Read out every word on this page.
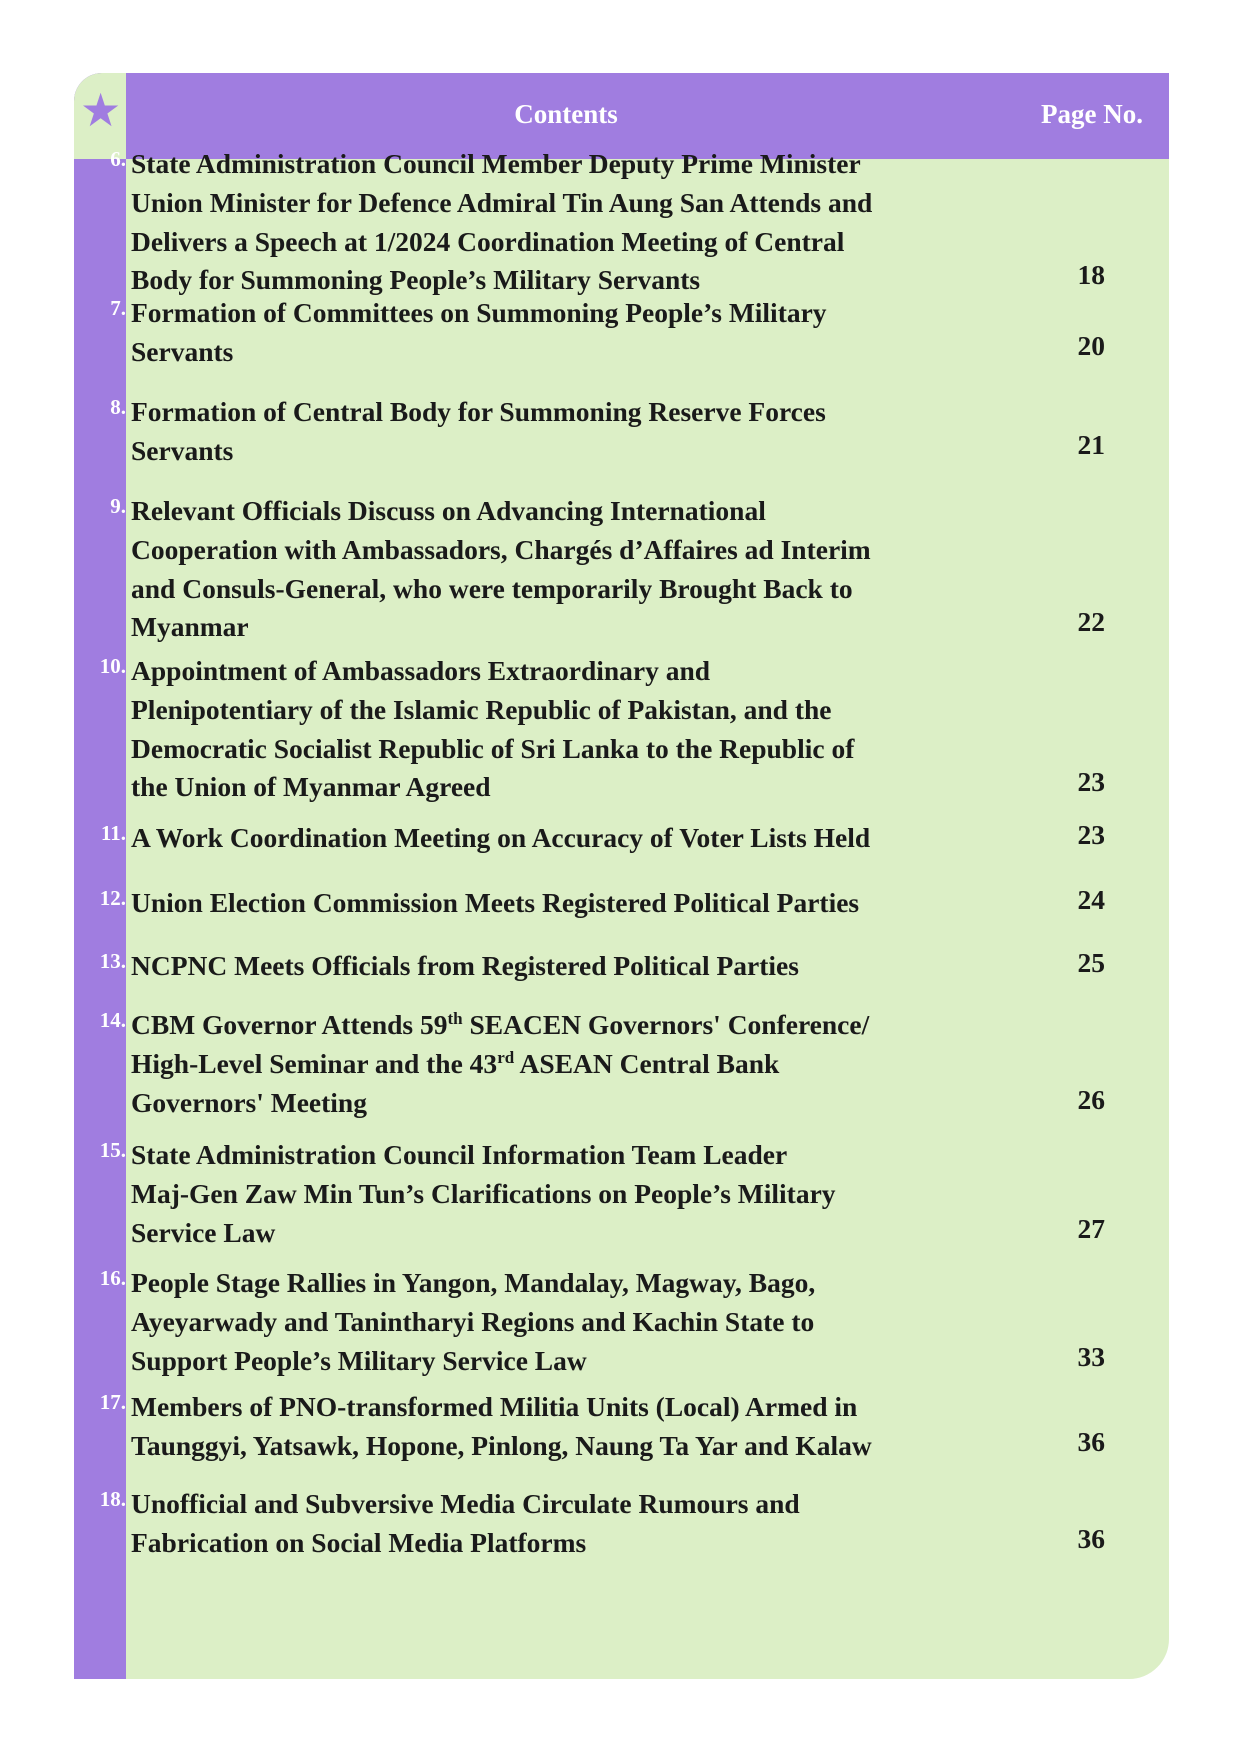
★	Contents	Page No.
6. State Administration Council Member Deputy Prime Minister
Union Minister for Defence Admiral Tin Aung San Attends and
Delivers a Speech at 1/2024 Coordination Meeting of Central
Body for Summoning People’s Military Servants	18
7. Formation of Committees on Summoning People’s Military
Servants	20
8. Formation of Central Body for Summoning Reserve Forces
Servants	21
9. Relevant Officials Discuss on Advancing International
Cooperation with Ambassadors, Chargés d’Affaires ad Interim
and Consuls-General, who were temporarily Brought Back to
Myanmar	22
10. Appointment of Ambassadors Extraordinary and
Plenipotentiary of the Islamic Republic of Pakistan, and the
Democratic Socialist Republic of Sri Lanka to the Republic of
the Union of Myanmar Agreed	23
11. A Work Coordination Meeting on Accuracy of Voter Lists Held	23
12. Union Election Commission Meets Registered Political Parties	24
13. NCPNC Meets Officials from Registered Political Parties	25
14. CBM Governor Attends 59th SEACEN Governors' Conference/
High-Level Seminar and the 43rd ASEAN Central Bank
Governors' Meeting	26
15. State Administration Council Information Team Leader
Maj-Gen Zaw Min Tun’s Clarifications on People’s Military
Service Law	27
16. People Stage Rallies in Yangon, Mandalay, Magway, Bago,
Ayeyarwady and Tanintharyi Regions and Kachin State to
Support People’s Military Service Law	33
17. Members of PNO-transformed Militia Units (Local) Armed in
Taunggyi, Yatsawk, Hopone, Pinlong, Naung Ta Yar and Kalaw	36
18. Unofficial and Subversive Media Circulate Rumours and
Fabrication on Social Media Platforms	36
